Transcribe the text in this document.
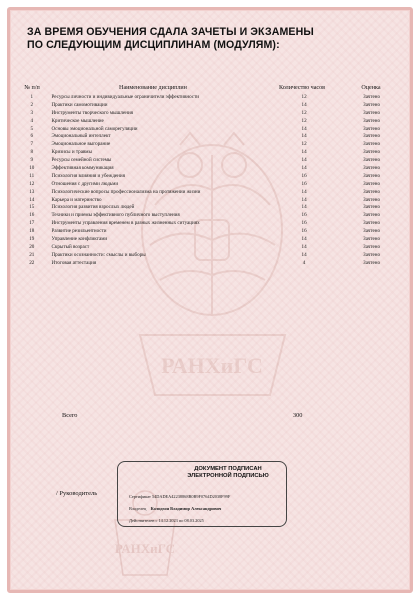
РАНХиГС
РАНХиГС
ЗА ВРЕМЯ ОБУЧЕНИЯ СДАЛА ЗАЧЕТЫ И ЭКЗАМЕНЫ
ПО СЛЕДУЮЩИМ ДИСЦИПЛИНАМ (МОДУЛЯМ):
№ п/п	Наименование дисциплин	Количество часов	Оценка
1	Ресурсы личности и индивидуальные ограничители эффективности	12	Зачтено
2	Практики самомотивации	14	Зачтено
3	Инструменты творческого мышления	12	Зачтено
4	Критическое мышление	12	Зачтено
5	Основы эмоциональной саморегуляции	14	Зачтено
6	Эмоциональный интеллект	14	Зачтено
7	Эмоциональное выгорание	12	Зачтено
8	Кризисы и травмы	14	Зачтено
9	Ресурсы семейной системы	14	Зачтено
10	Эффективная коммуникация	14	Зачтено
11	Психология влияния и убеждения	16	Зачтено
12	Отношения с другими людьми	16	Зачтено
13	Психологические вопросы профессионализма на протяжении жизни	14	Зачтено
14	Карьера и материнство	14	Зачтено
15	Психология развития взрослых людей	14	Зачтено
16	Техники и приемы эффективного публичного выступления	16	Зачтено
17	Инструменты управления временем в разных жизненных ситуациях	16	Зачтено
18	Развитие резильентности	16	Зачтено
19	Управление конфликтами	14	Зачтено
20	Cкрытый возраст	14	Зачтено
21	Практики осознанности: смыслы и выборы	14	Зачтено
22	Итоговая аттестация	4	Зачтено
Всего	300
ДОКУМЕНТ ПОДПИСАН
ЭЛЕКТРОННОЙ ПОДПИСЬЮ
Сертификат 54DADEA42238868B0B9F0764D2038F99F
Владелец Колидзон Владимир Александрович
Действителен с 14.12.2023 по 08.03.2025
/ Руководитель
